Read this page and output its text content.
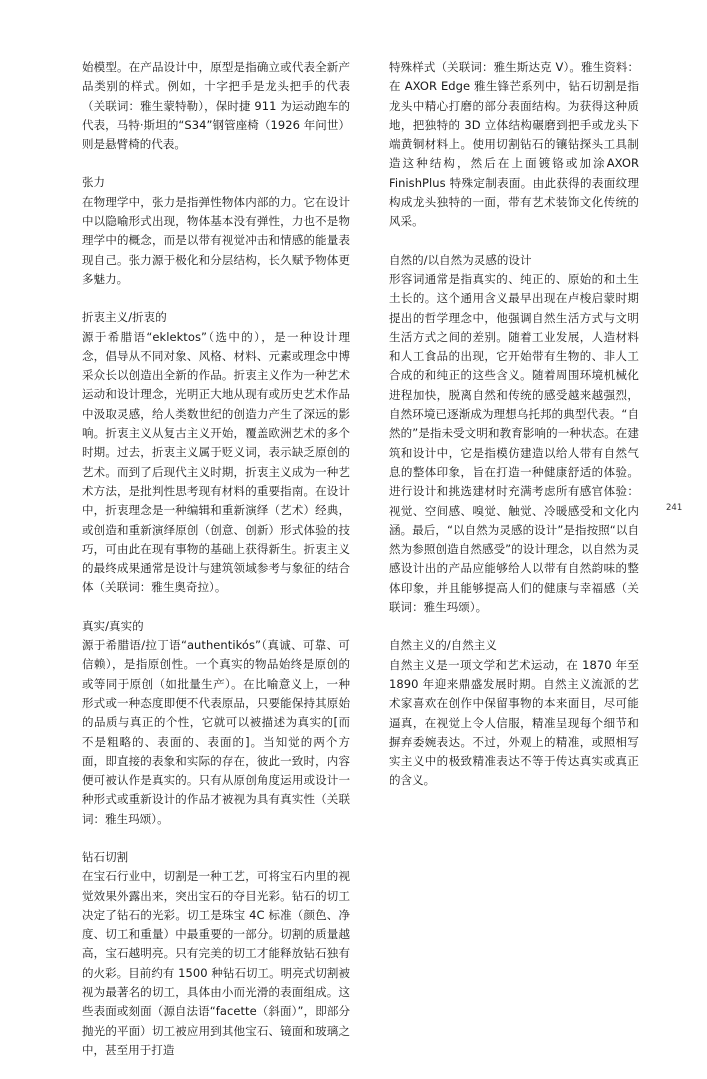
始模型。在产品设计中，原型是指确立或代表全新产品类别的样式。例如，十字把手是龙头把手的代表（关联词：雅生蒙特勒），保时捷 911 为运动跑车的代表，马特·斯坦的“S34”钢管座椅（1926 年问世）则是悬臂椅的代表。

张力

在物理学中，张力是指弹性物体内部的力。它在设计中以隐喻形式出现，物体基本没有弹性，力也不是物理学中的概念，而是以带有视觉冲击和情感的能量表现自己。张力源于极化和分层结构，长久赋予物体更多魅力。

折衷主义/折衷的

源于希腊语“eklektos”（选中的），是一种设计理念，倡导从不同对象、风格、材料、元素或理念中博采众长以创造出全新的作品。折衷主义作为一种艺术运动和设计理念，光明正大地从现有或历史艺术作品中汲取灵感，给人类数世纪的创造力产生了深远的影响。折衷主义从复古主义开始，覆盖欧洲艺术的多个时期。过去，折衷主义属于贬义词，表示缺乏原创的艺术。而到了后现代主义时期，折衷主义成为一种艺术方法，是批判性思考现有材料的重要指南。在设计中，折衷理念是一种编辑和重新演绎（艺术）经典，或创造和重新演绎原创（创意、创新）形式体验的技巧，可由此在现有事物的基础上获得新生。折衷主义的最终成果通常是设计与建筑领域参考与象征的结合体（关联词：雅生奥奇拉）。

真实/真实的

源于希腊语/拉丁语“authentikós”（真诚、可靠、可信赖），是指原创性。一个真实的物品始终是原创的或等同于原创（如批量生产）。在比喻意义上，一种形式或一种态度即便不代表原品，只要能保持其原始的品质与真正的个性，它就可以被描述为真实的[而不是粗略的、表面的、表面的]。当知觉的两个方面，即直接的表象和实际的存在，彼此一致时，内容便可被认作是真实的。只有从原创角度运用或设计一种形式或重新设计的作品才被视为具有真实性（关联词：雅生玛颂）。

钻石切割

在宝石行业中，切割是一种工艺，可将宝石内里的视觉效果外露出来，突出宝石的夺目光彩。钻石的切工决定了钻石的光彩。切工是珠宝 4C 标准（颜色、净度、切工和重量）中最重要的一部分。切割的质量越高，宝石越明亮。只有完美的切工才能释放钻石独有的火彩。目前约有 1500 种钻石切工。明亮式切割被视为最著名的切工，具体由小而光滑的表面组成。这些表面或刻面（源自法语“facette（斜面）”，即部分抛光的平面）切工被应用到其他宝石、镜面和玻璃之中，甚至用于打造

特殊样式（关联词：雅生斯达克 V）。雅生资料：在 AXOR Edge 雅生锋芒系列中，钻石切割是指龙头中精心打磨的部分表面结构。为获得这种质地，把独特的 3D 立体结构碾磨到把手或龙头下端黄铜材料上。使用切割钻石的镶钻探头工具制造这种结构，然后在上面镀铬或加涂AXOR FinishPlus 特殊定制表面。由此获得的表面纹理构成龙头独特的一面，带有艺术装饰文化传统的风采。

自然的/以自然为灵感的设计

形容词通常是指真实的、纯正的、原始的和土生土长的。这个通用含义最早出现在卢梭启蒙时期提出的哲学理念中，他强调自然生活方式与文明生活方式之间的差别。随着工业发展，人造材料和人工食品的出现，它开始带有生物的、非人工合成的和纯正的这些含义。随着周围环境机械化进程加快，脱离自然和传统的感受越来越强烈，自然环境已逐渐成为理想乌托邦的典型代表。“自然的”是指未受文明和教育影响的一种状态。在建筑和设计中，它是指模仿建造以给人带有自然气息的整体印象，旨在打造一种健康舒适的体验。进行设计和挑选建材时充满考虑所有感官体验：视觉、空间感、嗅觉、触觉、冷暖感受和文化内涵。最后，“以自然为灵感的设计”是指按照“以自然为参照创造自然感受”的设计理念，以自然为灵感设计出的产品应能够给人以带有自然韵味的整体印象，并且能够提高人们的健康与幸福感（关联词：雅生玛颂）。

自然主义的/自然主义

自然主义是一项文学和艺术运动，在 1870 年至 1890 年迎来鼎盛发展时期。自然主义流派的艺术家喜欢在创作中保留事物的本来面目，尽可能逼真，在视觉上令人信服，精准呈现每个细节和摒弃委婉表达。不过，外观上的精准，或照相写实主义中的极致精准表达不等于传达真实或真正的含义。

241
